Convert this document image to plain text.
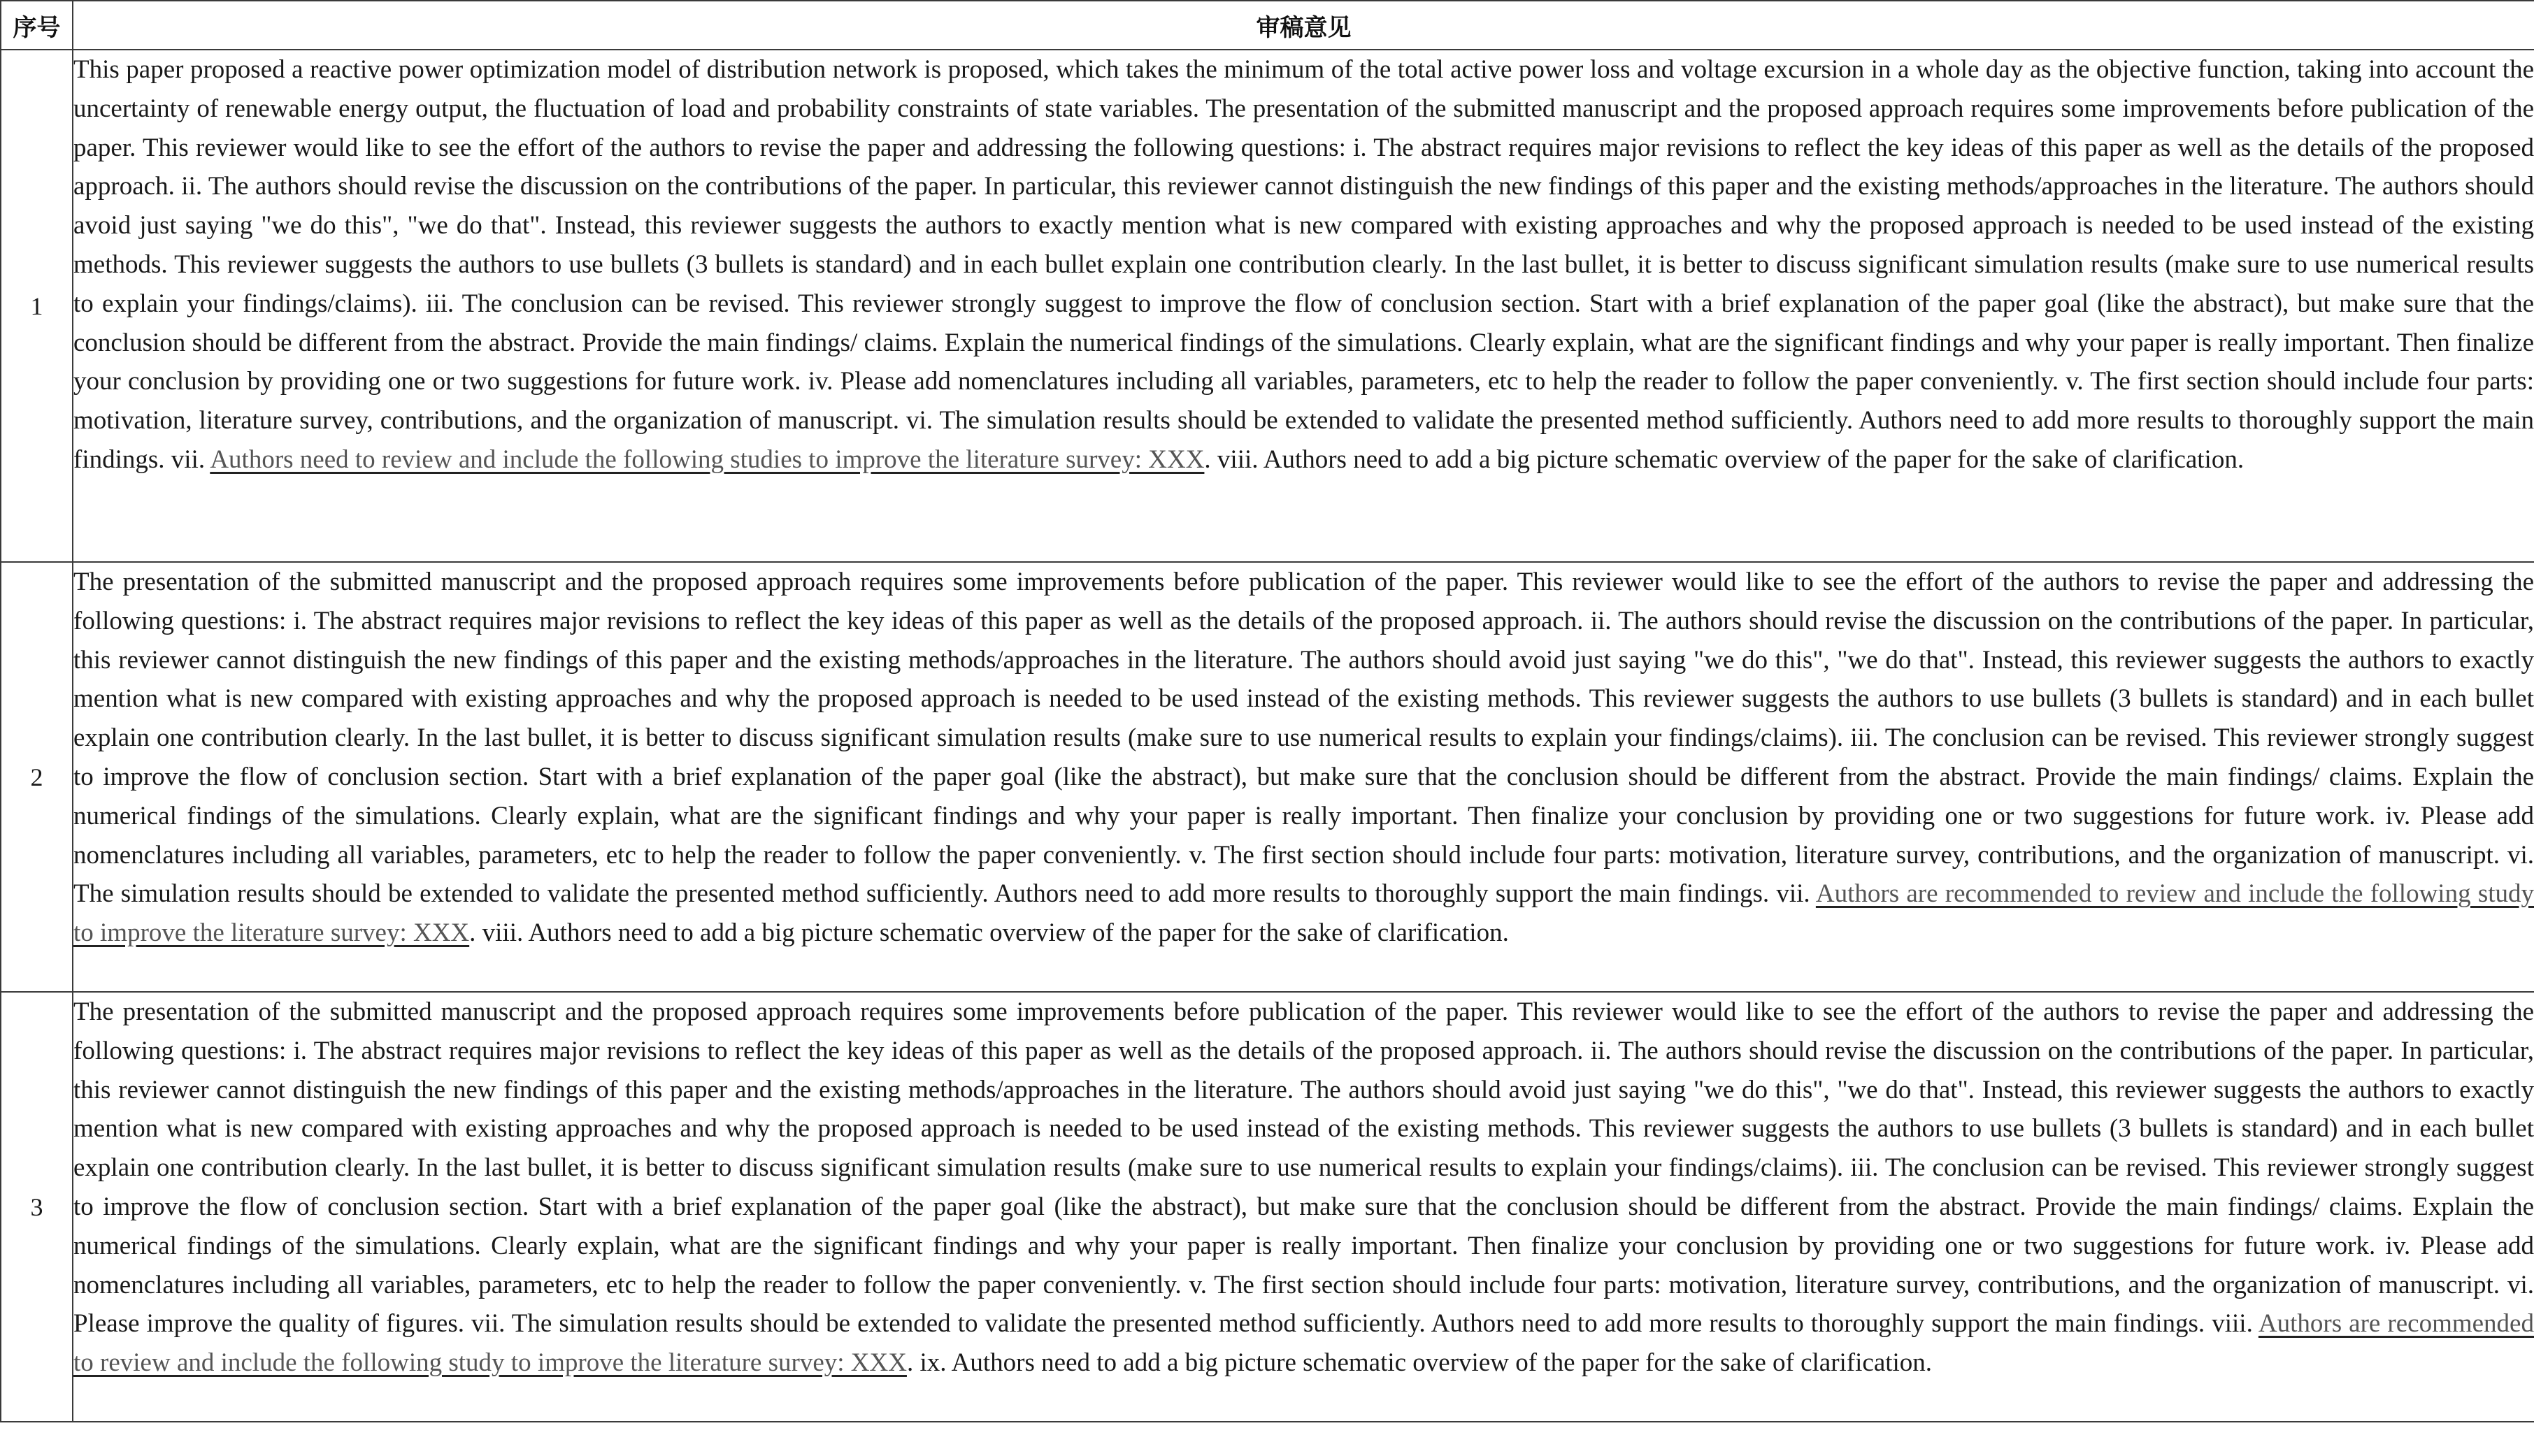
序号	审稿意见
1	This paper proposed a reactive power optimization model of distribution network is proposed, which takes the minimum of the total active power loss and voltage excursion in a whole day as the objective function, taking into account the uncertainty of renewable energy output, the fluctuation of load and probability constraints of state variables. The presentation of the submitted manuscript and the proposed approach requires some improvements before publication of the paper. This reviewer would like to see the effort of the authors to revise the paper and addressing the following questions: i. The abstract requires major revisions to reflect the key ideas of this paper as well as the details of the proposed approach. ii. The authors should revise the discussion on the contributions of the paper. In particular, this reviewer cannot distinguish the new findings of this paper and the existing methods/approaches in the literature. The authors should avoid just saying "we do this", "we do that". Instead, this reviewer suggests the authors to exactly mention what is new compared with existing approaches and why the proposed approach is needed to be used instead of the existing methods. This reviewer suggests the authors to use bullets (3 bullets is standard) and in each bullet explain one contribution clearly. In the last bullet, it is better to discuss significant simulation results (make sure to use numerical results to explain your findings/claims). iii. The conclusion can be revised. This reviewer strongly suggest to improve the flow of conclusion section. Start with a brief explanation of the paper goal (like the abstract), but make sure that the conclusion should be different from the abstract. Provide the main findings/ claims. Explain the numerical findings of the simulations. Clearly explain, what are the significant findings and why your paper is really important. Then finalize your conclusion by providing one or two suggestions for future work. iv. Please add nomenclatures including all variables, parameters, etc to help the reader to follow the paper conveniently. v. The first section should include four parts: motivation, literature survey, contributions, and the organization of manuscript. vi. The simulation results should be extended to validate the presented method sufficiently. Authors need to add more results to thoroughly support the main findings. vii. Authors need to review and include the following studies to improve the literature survey: XXX. viii. Authors need to add a big picture schematic overview of the paper for the sake of clarification.
2	The presentation of the submitted manuscript and the proposed approach requires some improvements before publication of the paper. This reviewer would like to see the effort of the authors to revise the paper and addressing the following questions: i. The abstract requires major revisions to reflect the key ideas of this paper as well as the details of the proposed approach. ii. The authors should revise the discussion on the contributions of the paper. In particular, this reviewer cannot distinguish the new findings of this paper and the existing methods/approaches in the literature. The authors should avoid just saying "we do this", "we do that". Instead, this reviewer suggests the authors to exactly mention what is new compared with existing approaches and why the proposed approach is needed to be used instead of the existing methods. This reviewer suggests the authors to use bullets (3 bullets is standard) and in each bullet explain one contribution clearly. In the last bullet, it is better to discuss significant simulation results (make sure to use numerical results to explain your findings/claims). iii. The conclusion can be revised. This reviewer strongly suggest to improve the flow of conclusion section. Start with a brief explanation of the paper goal (like the abstract), but make sure that the conclusion should be different from the abstract. Provide the main findings/ claims. Explain the numerical findings of the simulations. Clearly explain, what are the significant findings and why your paper is really important. Then finalize your conclusion by providing one or two suggestions for future work. iv. Please add nomenclatures including all variables, parameters, etc to help the reader to follow the paper conveniently. v. The first section should include four parts: motivation, literature survey, contributions, and the organization of manuscript. vi. The simulation results should be extended to validate the presented method sufficiently. Authors need to add more results to thoroughly support the main findings. vii. Authors are recommended to review and include the following study to improve the literature survey: XXX. viii. Authors need to add a big picture schematic overview of the paper for the sake of clarification.
3	The presentation of the submitted manuscript and the proposed approach requires some improvements before publication of the paper. This reviewer would like to see the effort of the authors to revise the paper and addressing the following questions: i. The abstract requires major revisions to reflect the key ideas of this paper as well as the details of the proposed approach. ii. The authors should revise the discussion on the contributions of the paper. In particular, this reviewer cannot distinguish the new findings of this paper and the existing methods/approaches in the literature. The authors should avoid just saying "we do this", "we do that". Instead, this reviewer suggests the authors to exactly mention what is new compared with existing approaches and why the proposed approach is needed to be used instead of the existing methods. This reviewer suggests the authors to use bullets (3 bullets is standard) and in each bullet explain one contribution clearly. In the last bullet, it is better to discuss significant simulation results (make sure to use numerical results to explain your findings/claims). iii. The conclusion can be revised. This reviewer strongly suggest to improve the flow of conclusion section. Start with a brief explanation of the paper goal (like the abstract), but make sure that the conclusion should be different from the abstract. Provide the main findings/ claims. Explain the numerical findings of the simulations. Clearly explain, what are the significant findings and why your paper is really important. Then finalize your conclusion by providing one or two suggestions for future work. iv. Please add nomenclatures including all variables, parameters, etc to help the reader to follow the paper conveniently. v. The first section should include four parts: motivation, literature survey, contributions, and the organization of manuscript. vi. Please improve the quality of figures. vii. The simulation results should be extended to validate the presented method sufficiently. Authors need to add more results to thoroughly support the main findings. viii. Authors are recommended to review and include the following study to improve the literature survey: XXX. ix. Authors need to add a big picture schematic overview of the paper for the sake of clarification.
